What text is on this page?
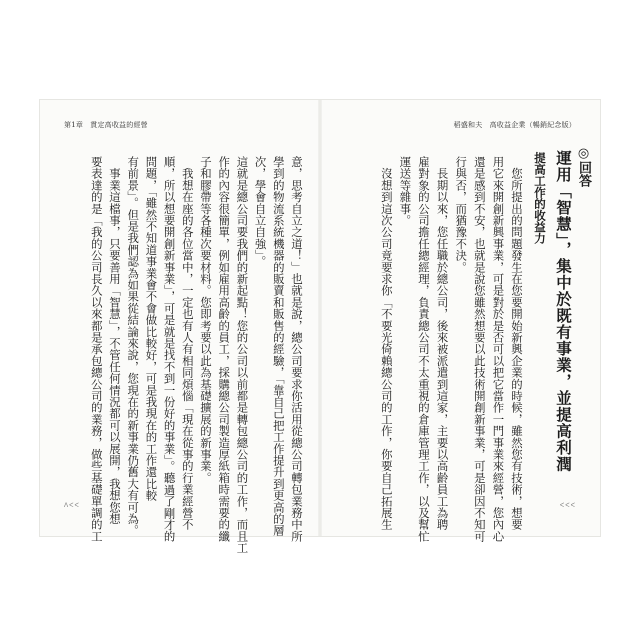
第1章　貫定高收益的經營
意，思考自立之道！」也就是說，總公司要求你活用從總公司轉包業務中所
學到的物流系統機器的販賣和販售的經驗，「靠自己把工作提升到更高的層
次，學會自立自強」。
這就是總公司要我們的新起點！您的公司以前都是轉包總公司的工作，而且工
作的內容很簡單，例如雇用高齡的員工，採購總公司製造厚紙箱時需要的纖
子和膠帶等各種次要材料。您即考要以此為基礎擴展的新事業。
　我想在座的各位當中，一定也有人有相同煩惱「現在從事的行業經營不
順，所以想要開創新事業」，可是就是找不到一份好的事業」。聽過了剛才的
問題，「雖然不知道事業會不會做比較好，可是我現在的工作還比較
有前景」。但是我們認為如果從結論來說，您現在的新事業仍舊大有可為。
　事業這檔事，只要善用「智慧」，不管任何情況都可以展開，我想您想
要表達的是「我的公司長久以來都是承包總公司的業務，做些基礎單調的工
ᐱᐸᐸ
稻盛和夫　高收益企業（暢銷紀念版）
◎回答
運用「智慧」，集中於既有事業，並提高利潤
提高工作的收益力
　您所提出的問題發生在您要開始新興企業的時候，雖然您有技術，想要
用它來開創新興事業，可是對於是否可以把它當作一門事業來經營，您內心
還是感到不安，也就是說您雖然想要以此技術開創新事業，可是卻因不知可
行與否，而猶豫不決。
　長期以來，您任職於總公司，後來被派遣到這家，主要以高齡員工為聘
雇對象的公司擔任總經理，負責總公司不太重視的倉庫管理工作，以及幫忙
運送等雜事。
　沒想到這次公司竟要求你「不要光倚賴總公司的工作，你要自己拓展生	ᐸᐸᐸ
